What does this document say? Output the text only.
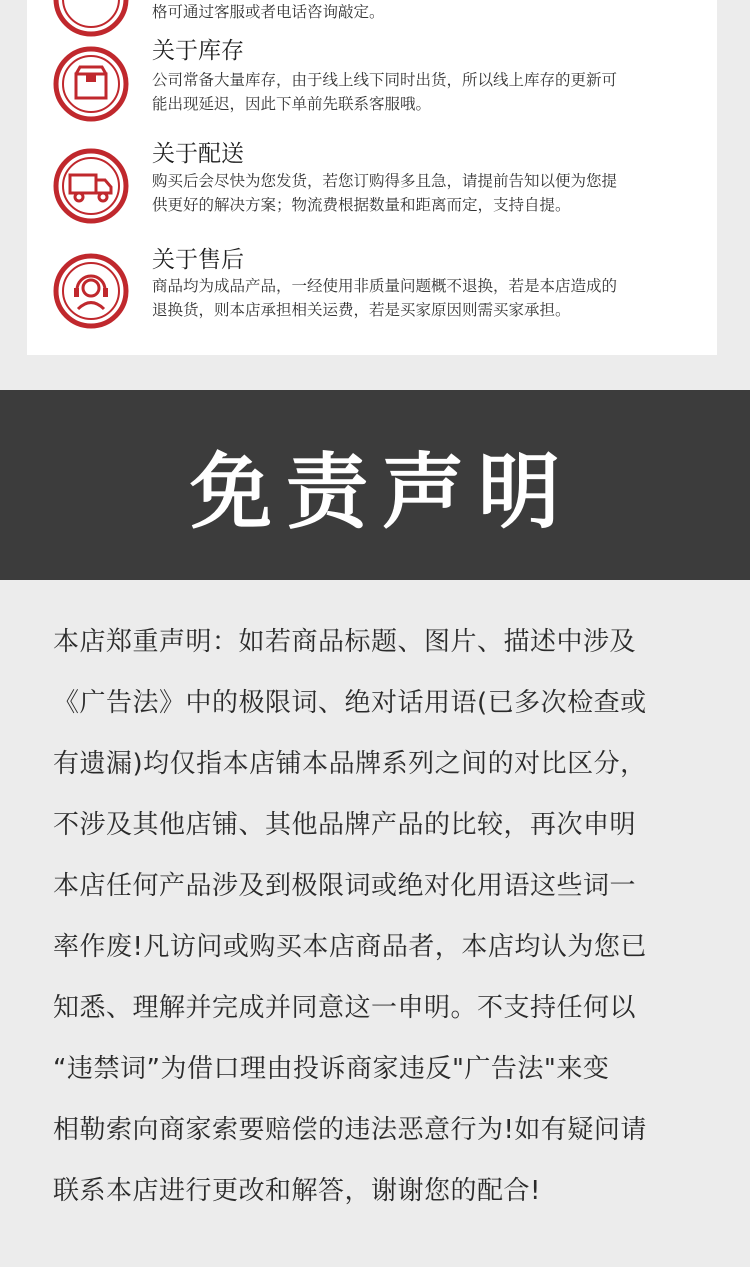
格可通过客服或者电话咨询敲定。
关于库存
公司常备大量库存，由于线上线下同时出货，所以线上库存的更新可
能出现延迟，因此下单前先联系客服哦。
关于配送
购买后会尽快为您发货，若您订购得多且急，请提前告知以便为您提
供更好的解决方案；物流费根据数量和距离而定，支持自提。
关于售后
商品均为成品产品，一经使用非质量问题概不退换，若是本店造成的
退换货，则本店承担相关运费，若是买家原因则需买家承担。
免责声明
本店郑重声明：如若商品标题、图片、描述中涉及
《广告法》中的极限词、绝对话用语(已多次检查或
有遗漏)均仅指本店铺本品牌系列之间的对比区分，
不涉及其他店铺、其他品牌产品的比较，再次申明
本店任何产品涉及到极限词或绝对化用语这些词一
率作废!凡访问或购买本店商品者，本店均认为您已
知悉、理解并完成并同意这一申明。不支持任何以
“违禁词”为借口理由投诉商家违反"广告法"来变
相勒索向商家索要赔偿的违法恶意行为!如有疑问请
联系本店进行更改和解答，谢谢您的配合!
